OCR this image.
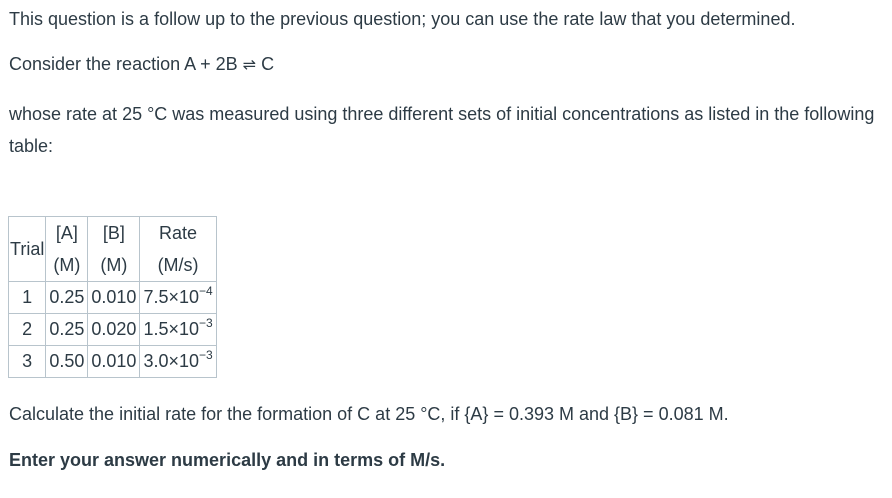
This question is a follow up to the previous question; you can use the rate law that you determined.
Consider the reaction A + 2B ⇌ C
whose rate at 25 °C was measured using three different sets of initial concentrations as listed in the following table:
Trial	[A]	[B]	Rate
	(M)	(M)	(M/s)
1	0.25	0.010	$7.5\times 10^{-4}$
2	0.25	0.020	$1.5\times 10^{-3}$
3	0.50	0.010	$3.0\times 10^{-3}$
Calculate the initial rate for the formation of C at 25 °C, if {A} = 0.393 M and {B} = 0.081 M.
Enter your answer numerically and in terms of M/s.
